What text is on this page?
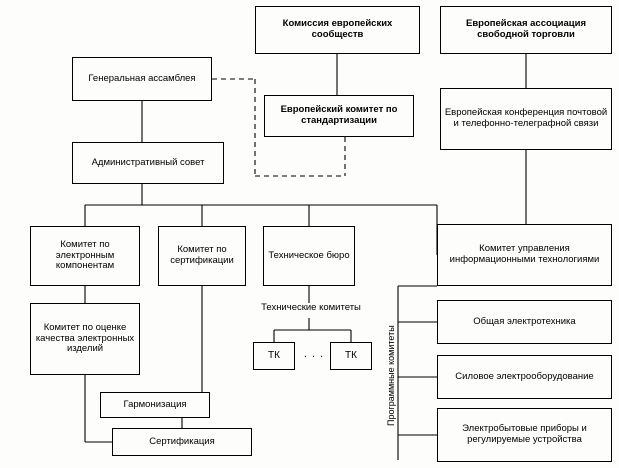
Комиссия европейских сообществ
Европейская ассоциация свободной торговли
Генеральная ассамблея
Европейский комитет по стандартизации
Европейская конференция почтовой и телефонно-телеграфной связи
Административный совет
Комитет по электронным компонентам
Комитет по сертификации	Техническое бюро
Комитет управления информационными технологиями
Комитет по оценке качества электронных изделий
Гармонизация
Сертификация
ТК	ТК
Общая электротехника
Силовое электрооборудование
Электробытовые приборы и регулируемые устройства
Технические комитеты
. . .	Программные комитеты
